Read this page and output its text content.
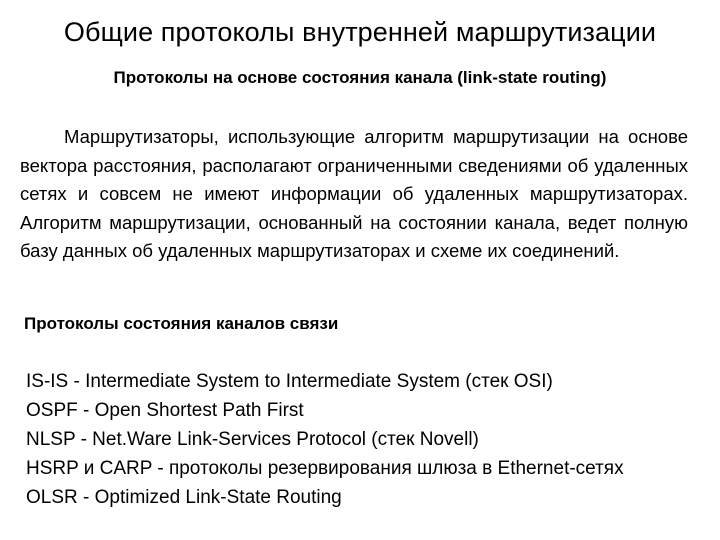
Общие протоколы внутренней маршрутизации
Протоколы на основе состояния канала (link-state routing)

Маршрутизаторы, использующие алгоритм маршрутизации на основе вектора расстояния, располагают ограниченными сведениями об удаленных сетях и совсем не имеют информации об удаленных маршрутизаторах. Алгоритм маршрутизации, основанный на состоянии канала, ведет полную базу данных об удаленных маршрутизаторах и схеме их соединений.

Протоколы состояния каналов связи
IS-IS - Intermediate System to Intermediate System (стек OSI)
OSPF - Open Shortest Path First
NLSP - Net.Ware Link-Services Protocol (стек Novell)
HSRP и CARP - протоколы резервирования шлюза в Ethernet-сетях
OLSR - Optimized Link-State Routing
